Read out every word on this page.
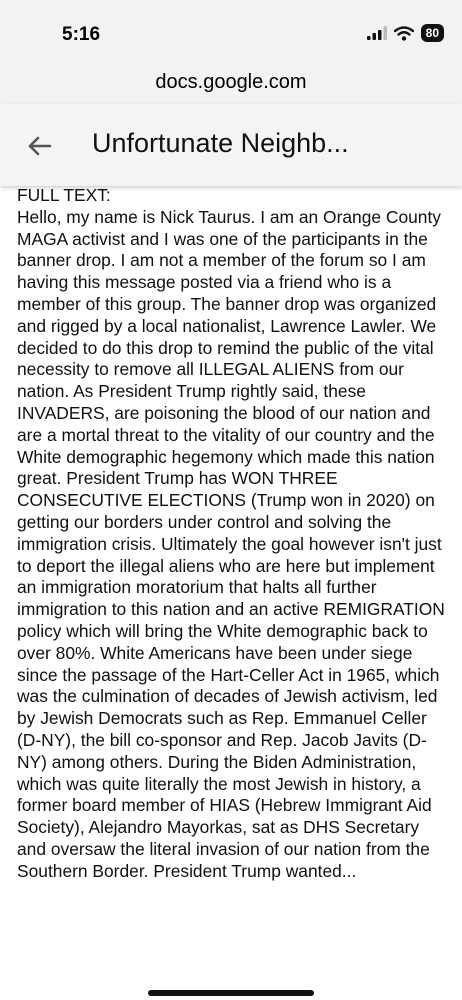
5:16	80
docs.google.com
Unfortunate Neighb...

FULL TEXT:

Hello, my name is Nick Taurus. I am an Orange County MAGA activist and I was one of the participants in the banner drop. I am not a member of the forum so I am having this message posted via a friend who is a member of this group. The banner drop was organized and rigged by a local nationalist, Lawrence Lawler. We decided to do this drop to remind the public of the vital necessity to remove all ILLEGAL ALIENS from our nation. As President Trump rightly said, these INVADERS, are poisoning the blood of our nation and are a mortal threat to the vitality of our country and the White demographic hegemony which made this nation great. President Trump has WON THREE CONSECUTIVE ELECTIONS (Trump won in 2020) on getting our borders under control and solving the immigration crisis. Ultimately the goal however isn't just to deport the illegal aliens who are here but implement an immigration moratorium that halts all further immigration to this nation and an active REMIGRATION policy which will bring the White demographic back to over 80%. White Americans have been under siege since the passage of the Hart-Celler Act in 1965, which was the culmination of decades of Jewish activism, led by Jewish Democrats such as Rep. Emmanuel Celler (D-NY), the bill co-sponsor and Rep. Jacob Javits (D-NY) among others. During the Biden Administration, which was quite literally the most Jewish in history, a former board member of HIAS (Hebrew Immigrant Aid Society), Alejandro Mayorkas, sat as DHS Secretary and oversaw the literal invasion of our nation from the Southern Border. President Trump wanted...
